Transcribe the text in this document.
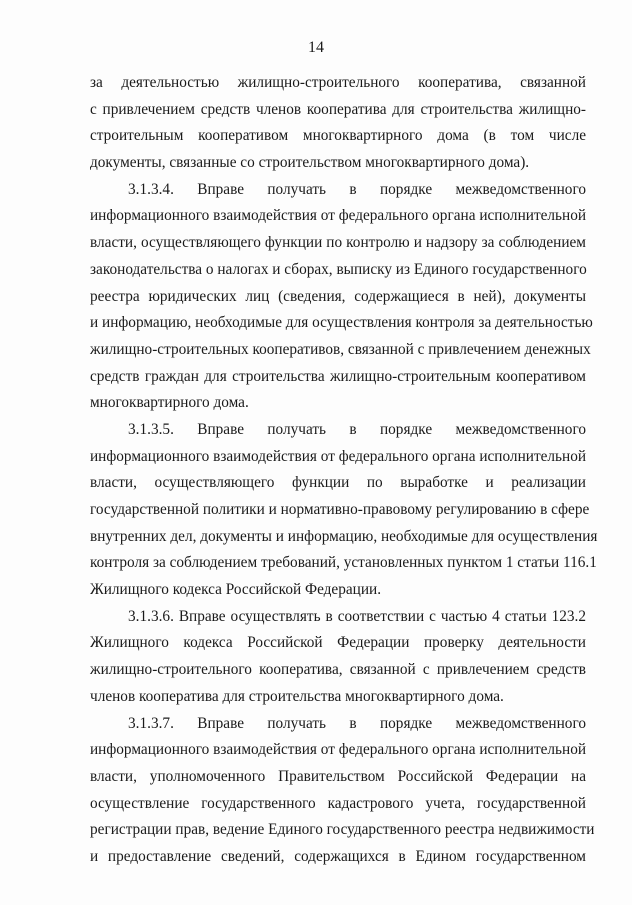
14
за деятельностью жилищно-строительного кооператива, связанной
с привлечением средств членов кооператива для строительства жилищно-
строительным кооперативом многоквартирного дома (в том числе
документы, связанные со строительством многоквартирного дома).
3.1.3.4. Вправе получать в порядке межведомственного
информационного взаимодействия от федерального органа исполнительной
власти, осуществляющего функции по контролю и надзору за соблюдением
законодательства о налогах и сборах, выписку из Единого государственного
реестра юридических лиц (сведения, содержащиеся в ней), документы
и информацию, необходимые для осуществления контроля за деятельностью
жилищно-строительных кооперативов, связанной с привлечением денежных
средств граждан для строительства жилищно-строительным кооперативом
многоквартирного дома.
3.1.3.5. Вправе получать в порядке межведомственного
информационного взаимодействия от федерального органа исполнительной
власти, осуществляющего функции по выработке и реализации
государственной политики и нормативно-правовому регулированию в сфере
внутренних дел, документы и информацию, необходимые для осуществления
контроля за соблюдением требований, установленных пунктом 1 статьи 116.1
Жилищного кодекса Российской Федерации.
3.1.3.6. Вправе осуществлять в соответствии с частью 4 статьи 123.2
Жилищного кодекса Российской Федерации проверку деятельности
жилищно-строительного кооператива, связанной с привлечением средств
членов кооператива для строительства многоквартирного дома.
3.1.3.7. Вправе получать в порядке межведомственного
информационного взаимодействия от федерального органа исполнительной
власти, уполномоченного Правительством Российской Федерации на
осуществление государственного кадастрового учета, государственной
регистрации прав, ведение Единого государственного реестра недвижимости
и предоставление сведений, содержащихся в Едином государственном
